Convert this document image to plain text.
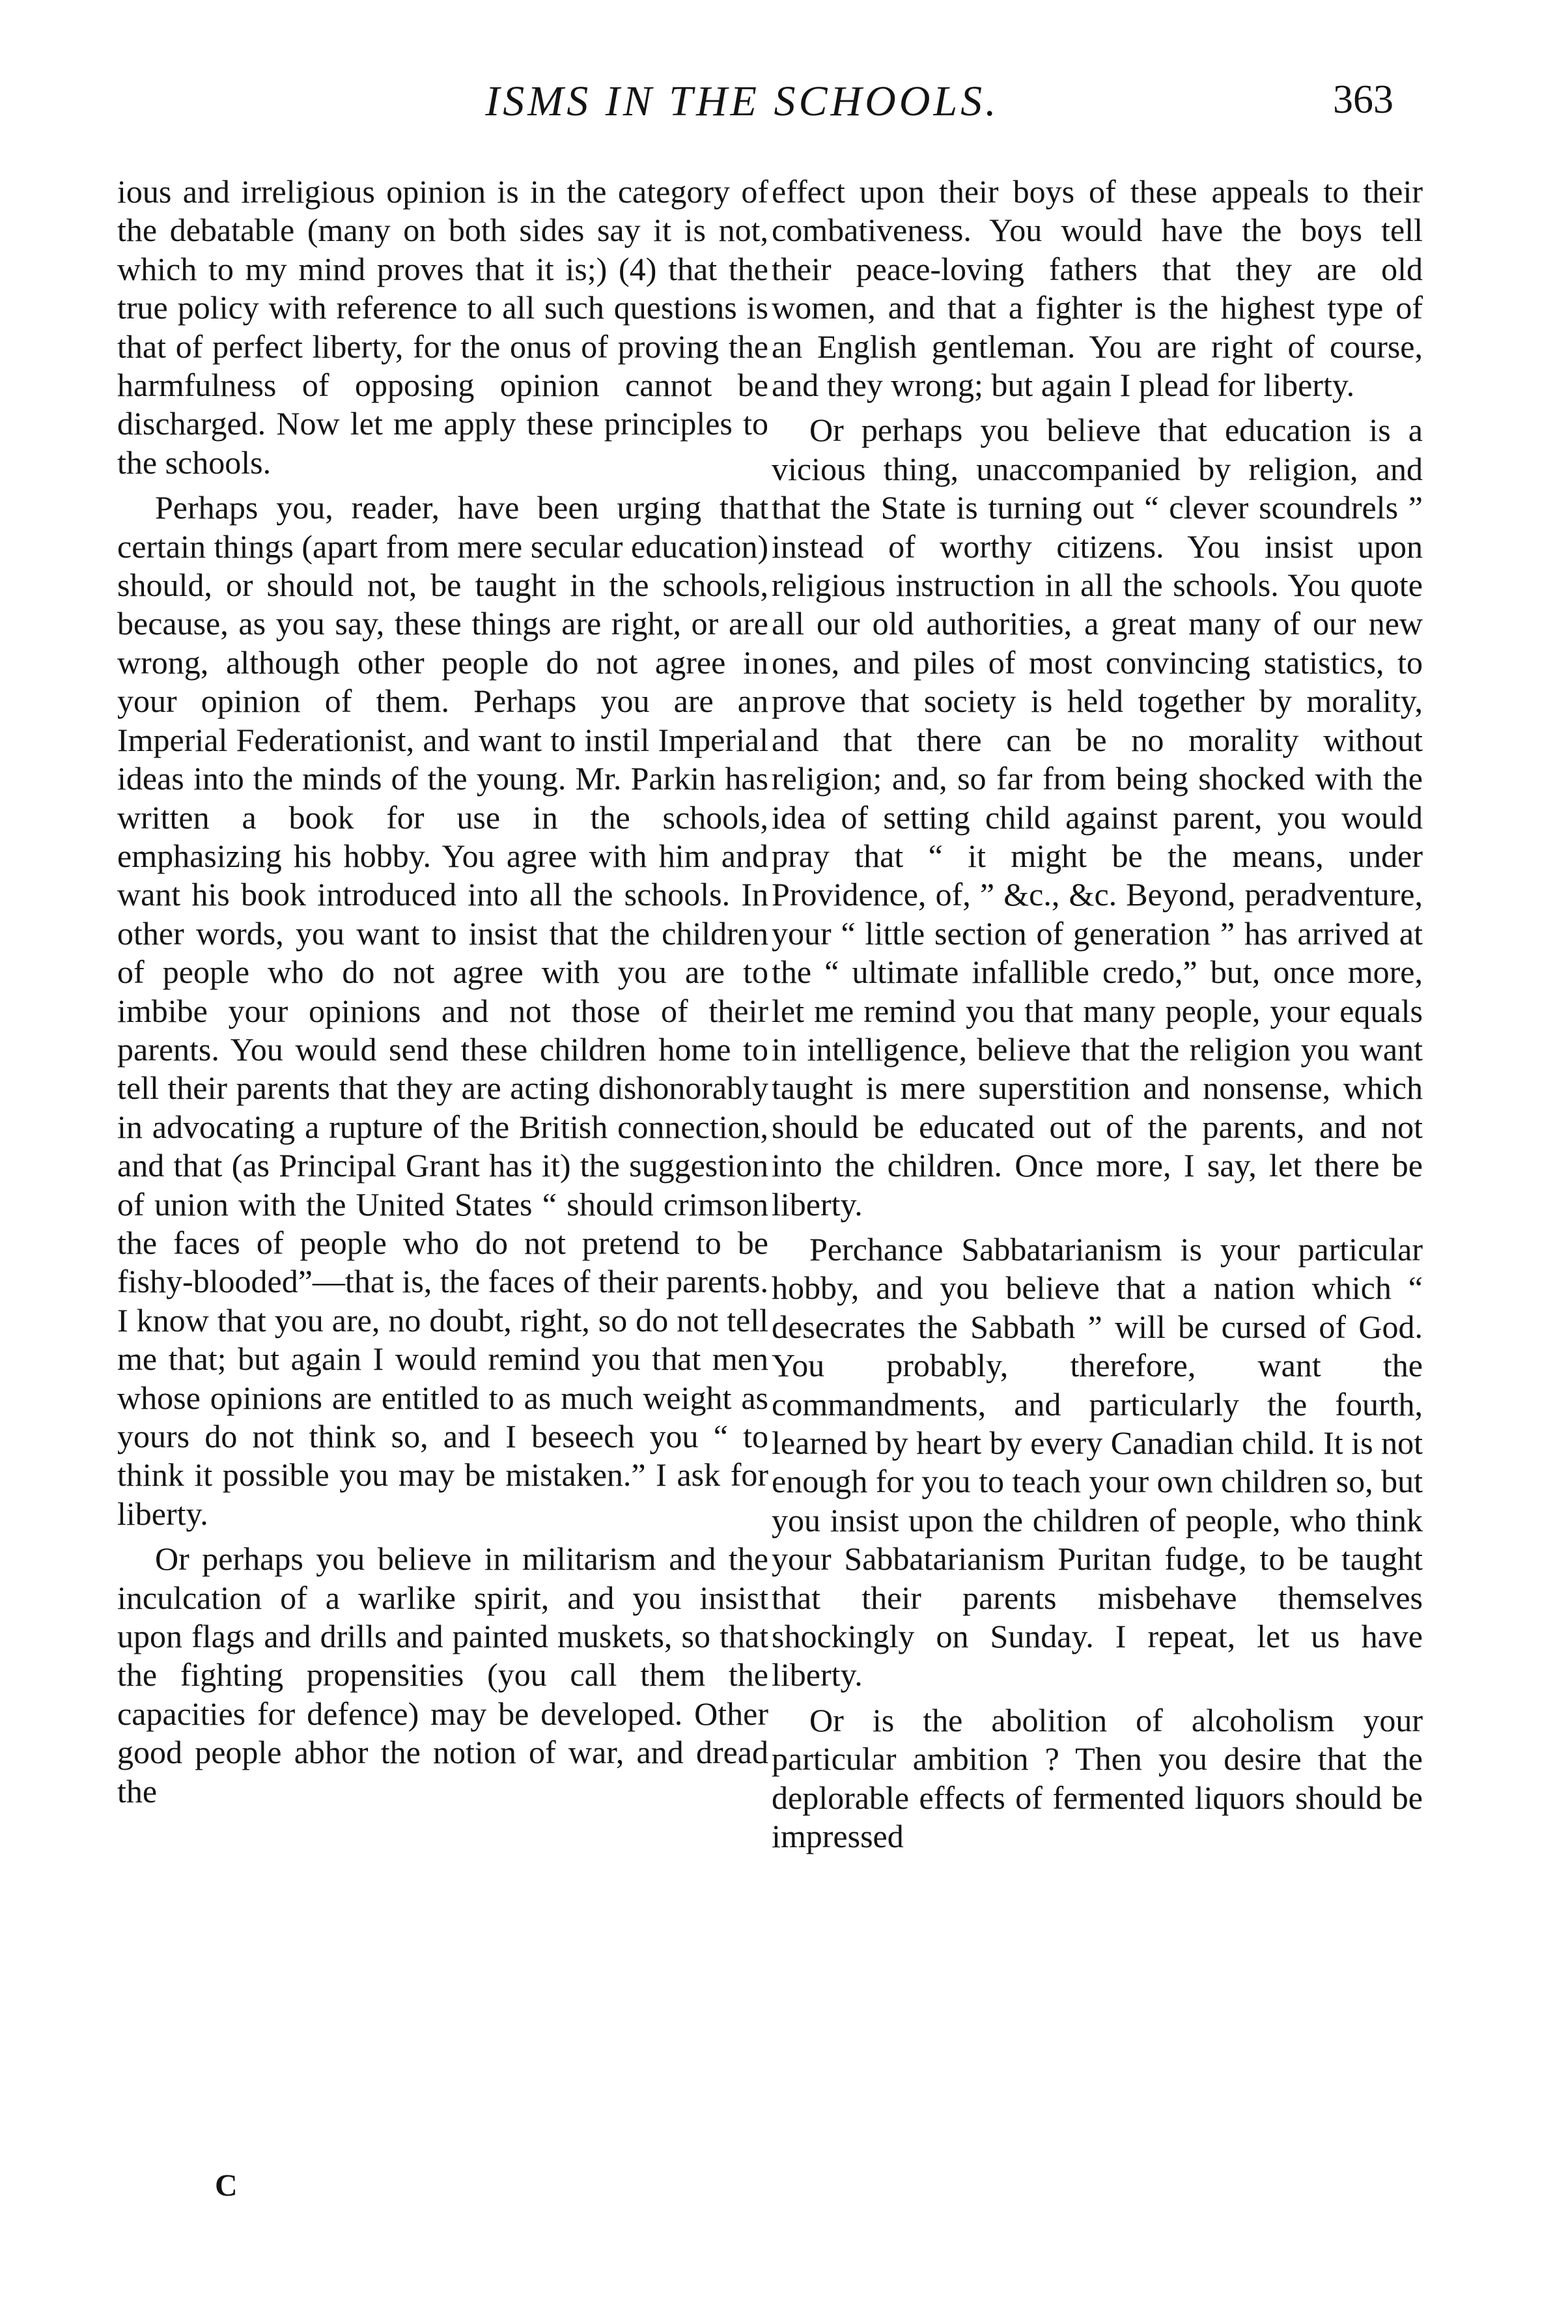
ISMS IN THE SCHOOLS.	363

ious and irreligious opinion is in the category of the debatable (many on both sides say it is not, which to my mind proves that it is;) (4) that the true policy with reference to all such questions is that of perfect liberty, for the onus of proving the harmfulness of opposing opinion cannot be discharged. Now let me apply these principles to the schools.

Perhaps you, reader, have been urging that certain things (apart from mere secular education) should, or should not, be taught in the schools, because, as you say, these things are right, or are wrong, although other people do not agree in your opinion of them. Perhaps you are an Imperial Federationist, and want to instil Imperial ideas into the minds of the young. Mr. Parkin has written a book for use in the schools, emphasizing his hobby. You agree with him and want his book introduced into all the schools. In other words, you want to insist that the children of people who do not agree with you are to imbibe your opinions and not those of their parents. You would send these children home to tell their parents that they are acting dishonorably in advocating a rupture of the British connection, and that (as Principal Grant has it) the suggestion of union with the United States “ should crimson the faces of people who do not pretend to be fishy-blooded”—that is, the faces of their parents. I know that you are, no doubt, right, so do not tell me that; but again I would remind you that men whose opinions are entitled to as much weight as yours do not think so, and I beseech you “ to think it possible you may be mistaken.” I ask for liberty.

Or perhaps you believe in militarism and the inculcation of a warlike spirit, and you insist upon flags and drills and painted muskets, so that the fighting propensities (you call them the capacities for defence) may be developed. Other good people abhor the notion of war, and dread the

effect upon their boys of these appeals to their combativeness. You would have the boys tell their peace-loving fathers that they are old women, and that a fighter is the highest type of an English gentleman. You are right of course, and they wrong; but again I plead for liberty.

Or perhaps you believe that education is a vicious thing, unaccompanied by religion, and that the State is turning out “ clever scoundrels ” instead of worthy citizens. You insist upon religious instruction in all the schools. You quote all our old authorities, a great many of our new ones, and piles of most convincing statistics, to prove that society is held together by morality, and that there can be no morality without religion; and, so far from being shocked with the idea of setting child against parent, you would pray that “ it might be the means, under Providence, of, ” &c., &c. Beyond, peradventure, your “ little section of generation ” has arrived at the “ ultimate infallible credo,” but, once more, let me remind you that many people, your equals in intelligence, believe that the religion you want taught is mere superstition and nonsense, which should be educated out of the parents, and not into the children. Once more, I say, let there be liberty.

Perchance Sabbatarianism is your particular hobby, and you believe that a nation which “ desecrates the Sabbath ” will be cursed of God. You probably, therefore, want the commandments, and particularly the fourth, learned by heart by every Canadian child. It is not enough for you to teach your own children so, but you insist upon the children of people, who think your Sabbatarianism Puritan fudge, to be taught that their parents misbehave themselves shockingly on Sunday. I repeat, let us have liberty.

Or is the abolition of alcoholism your particular ambition ? Then you desire that the deplorable effects of fermented liquors should be impressed

C
